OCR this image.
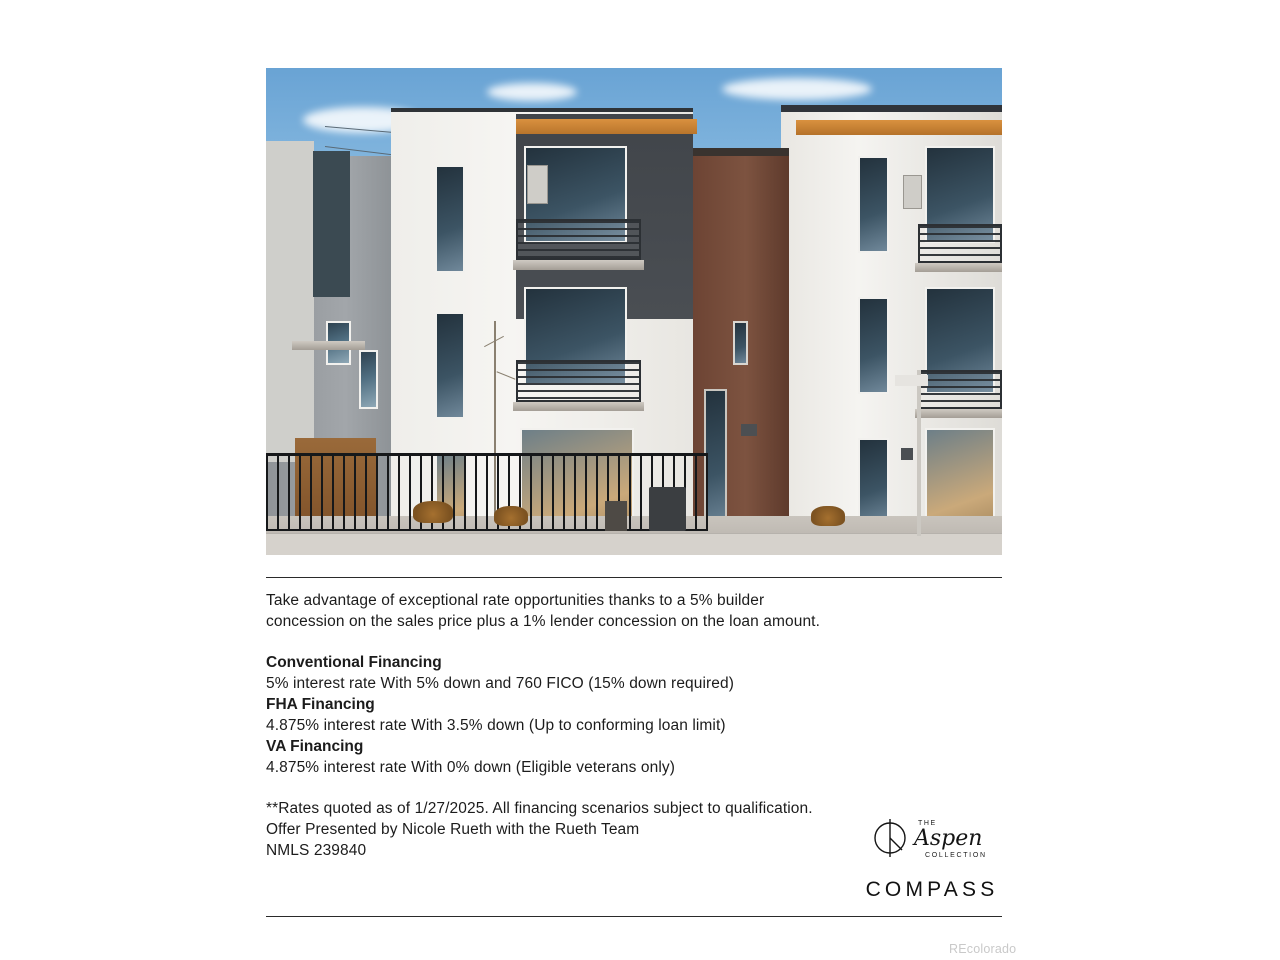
Take advantage of exceptional rate opportunities thanks to a 5% builder
concession on the sales price plus a 1% lender concession on the loan amount.
Conventional Financing
5% interest rate With 5% down and 760 FICO (15% down required)
FHA Financing
4.875% interest rate With 3.5% down (Up to conforming loan limit)
VA Financing
4.875% interest rate With 0% down (Eligible veterans only)
**Rates quoted as of 1/27/2025. All financing scenarios subject to qualification.
Offer Presented by Nicole Rueth with the Rueth Team
NMLS 239840
THE
Aspen
COLLECTION
COMPASS
REcolorado
